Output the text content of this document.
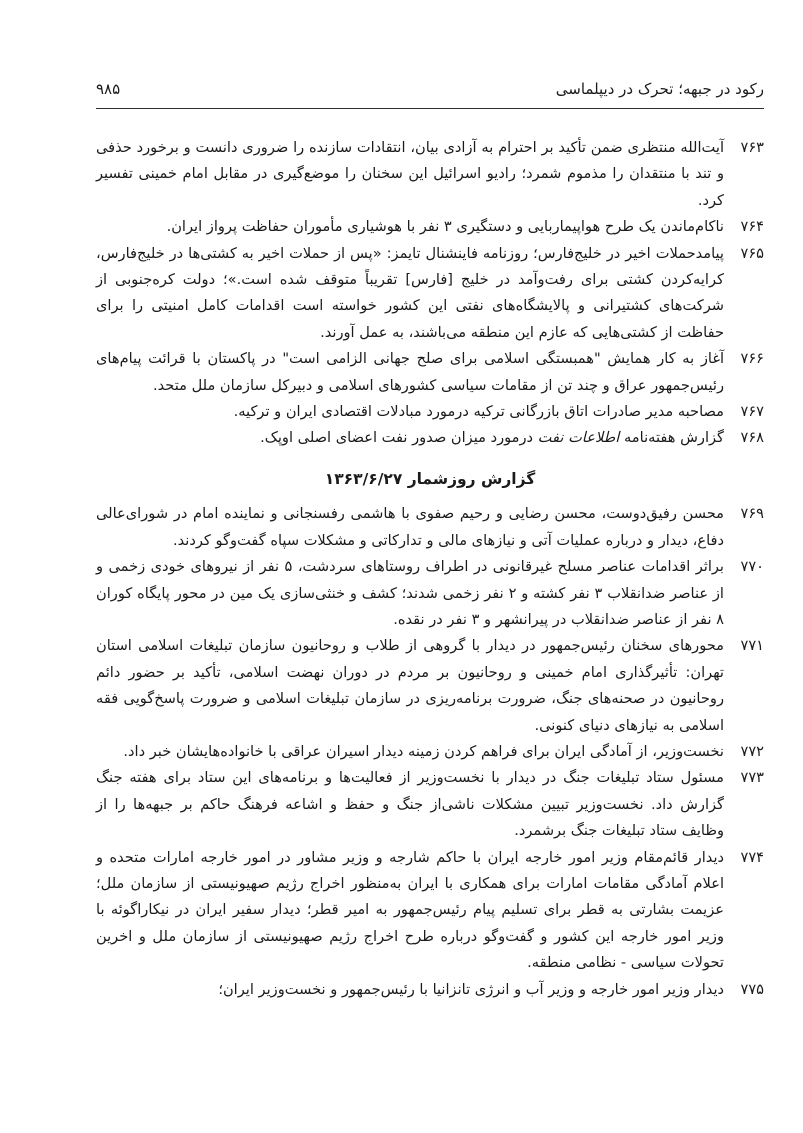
رکود در جبهه؛ تحرک در دیپلماسی
۹۸۵
۷۶۳

آیت‌الله منتظری ضمن تأکید بر احترام به آزادی بیان، انتقادات سازنده را ضروری دانست و برخورد حذفی و تند با منتقدان را مذموم شمرد؛ رادیو اسرائیل این سخنان را موضع‌گیری در مقابل امام خمینی تفسیر کرد.

۷۶۴

ناکام‌ماندن یک طرح هواپیماربایی و دستگیری ۳ نفر با هوشیاری مأموران حفاظت پرواز ایران.

۷۶۵

پیامدحملات اخیر در خلیج‌فارس؛ روزنامه فاینشنال تایمز: «پس از حملات اخیر به کشتی‌ها در خلیج‌فارس، کرایه‌کردن کشتی برای رفت‌وآمد در خلیج [فارس] تقریباً متوقف شده است.»؛ دولت کره‌جنوبی از شرکت‌های کشتیرانی و پالایشگاه‌های نفتی این کشور خواسته است اقدامات کامل امنیتی را برای حفاظت از کشتی‌هایی که عازم این منطقه می‌باشند، به عمل آورند.

۷۶۶

آغاز به کار همایش "همبستگی اسلامی برای صلح جهانی الزامی است" در پاکستان با قرائت پیام‌های رئیس‌جمهور عراق و چند تن از مقامات سیاسی کشورهای اسلامی و دبیرکل سازمان ملل متحد.

۷۶۷

مصاحبه مدیر صادرات اتاق بازرگانی ترکیه درمورد مبادلات اقتصادی ایران و ترکیه.

۷۶۸

گزارش هفته‌نامه اطلاعات نفت درمورد میزان صدور نفت اعضای اصلی اوپک.

گزارش روزشمار ۱۳۶۳/۶/۲۷
۷۶۹

محسن رفیق‌دوست، محسن رضایی و رحیم صفوی با هاشمی رفسنجانی و نماینده امام در شورای‌عالی دفاع، دیدار و درباره عملیات آتی و نیازهای مالی و تدارکاتی و مشکلات سپاه گفت‌وگو کردند.

۷۷۰

براثر اقدامات عناصر مسلح غیرقانونی در اطراف روستاهای سردشت، ۵ نفر از نیروهای خودی زخمی و از عناصر ضدانقلاب ۳ نفر کشته و ۲ نفر زخمی شدند؛ کشف و خنثی‌سازی یک مین در محور پایگاه کوران ۸ نفر از عناصر ضدانقلاب در پیرانشهر و ۳ نفر در نقده.

۷۷۱

محورهای سخنان رئیس‌جمهور در دیدار با گروهی از طلاب و روحانیون سازمان تبلیغات اسلامی استان تهران: تأثیرگذاری امام خمینی و روحانیون بر مردم در دوران نهضت اسلامی، تأکید بر حضور دائم روحانیون در صحنه‌های جنگ، ضرورت برنامه‌ریزی در سازمان تبلیغات اسلامی و ضرورت پاسخ‌گویی فقه اسلامی به نیازهای دنیای کنونی.

۷۷۲

نخست‌وزیر، از آمادگی ایران برای فراهم کردن زمینه دیدار اسیران عراقی با خانواده‌هایشان خبر داد.

۷۷۳

مسئول ستاد تبلیغات جنگ در دیدار با نخست‌وزیر از فعالیت‌ها و برنامه‌های این ستاد برای هفته جنگ گزارش داد. نخست‌وزیر تبیین مشکلات ناشی‌از جنگ و حفظ و اشاعه فرهنگ حاکم بر جبهه‌ها را از وظایف ستاد تبلیغات جنگ برشمرد.

۷۷۴

دیدار قائم‌مقام وزیر امور خارجه ایران با حاکم شارجه و وزیر مشاور در امور خارجه امارات متحده و اعلام آمادگی مقامات امارات برای همکاری با ایران به‌منظور اخراج رژیم صهیونیستی از سازمان ملل؛ عزیمت بشارتی به قطر برای تسلیم پیام رئیس‌جمهور به امیر قطر؛ دیدار سفیر ایران در نیکاراگوئه با وزیر امور خارجه این کشور و گفت‌وگو درباره طرح اخراج رژیم صهیونیستی از سازمان ملل و اخرین تحولات سیاسی - نظامی منطقه.

۷۷۵

دیدار وزیر امور خارجه و وزیر آب و انرژی تانزانیا با رئیس‌جمهور و نخست‌وزیر ایران؛
